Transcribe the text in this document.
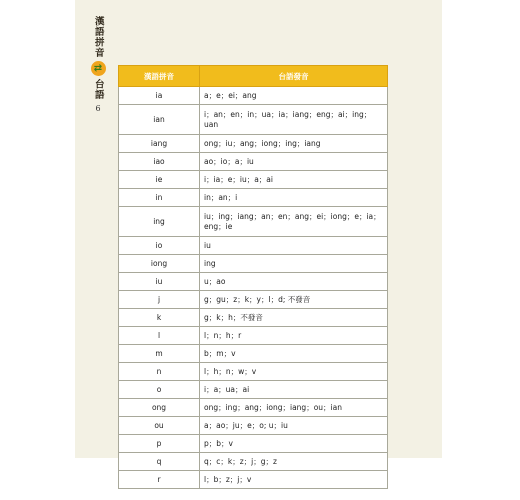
漢語拼音
⇄
台語
6
漢語拼音	台語發音
ia	a；e；ei；ang
ian	i；an；en；in；ua；ia；iang；eng；ai；ing；uan
iang	ong；iu；ang；iong；ing；iang
iao	ao；io；a；iu
ie	i；ia；e；iu；a；ai
in	in；an；i
ing	iu；ing；iang；an；en；ang；ei；iong；e；ia；eng；ie
io	iu
iong	ing
iu	u；ao
j	g；gu；z；k；y；l；d; 不發音
k	g；k；h；不發音
l	l；n；h；r
m	b；m；v
n	l；h；n；w；v
o	i；a；ua；ai
ong	ong；ing；ang；iong；iang；ou；ian
ou	a；ao；ju；e；o; u；iu
p	p；b；v
q	q；c；k；z；j；g；z
r	l；b；z；j；v
